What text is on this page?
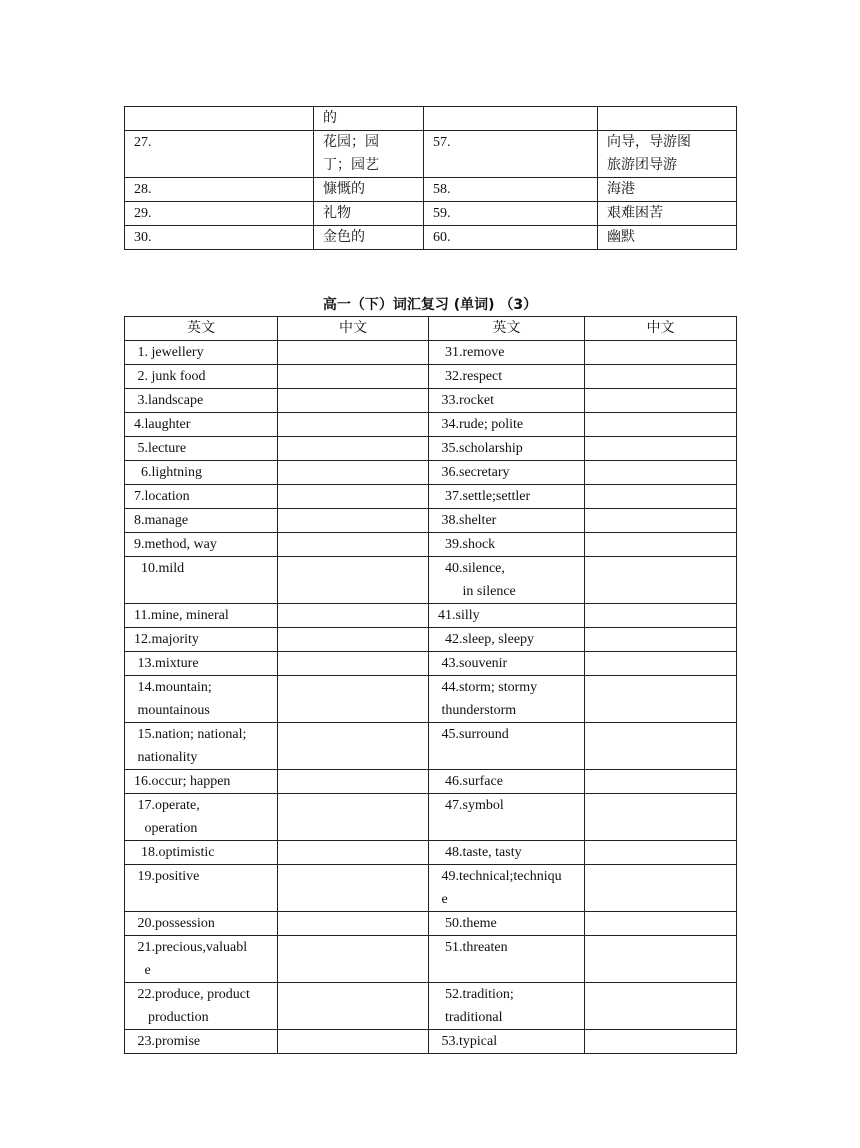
	的		
27.	花园；园
丁；园艺	57.	向导，导游图
旅游团导游
28.	慷慨的	58.	海港
29.	礼物	59.	艰难困苦
30.	金色的	60.	幽默
高一（下）词汇复习 (单词) （3）
英文	中文	英文	中文
1. jewellery		31.remove	
2. junk food		32.respect	
3.landscape		33.rocket	
4.laughter		34.rude; polite	
5.lecture		35.scholarship	
6.lightning		36.secretary	
7.location		37.settle;settler	
8.manage		38.shelter	
9.method, way		39.shock	
10.mild		40.silence,
in silence	
11.mine, mineral		41.silly	
12.majority		42.sleep, sleepy	
13.mixture		43.souvenir	
14.mountain;
mountainous		44.storm; stormy
thunderstorm	
15.nation; national;
nationality		45.surround	
16.occur; happen		46.surface	
17.operate,
operation		47.symbol	
18.optimistic		48.taste, tasty	
19.positive		49.technical;techniqu
e	
20.possession		50.theme	
21.precious,valuabl
e		51.threaten	
22.produce, product
production		52.tradition;
traditional	
23.promise		53.typical	
